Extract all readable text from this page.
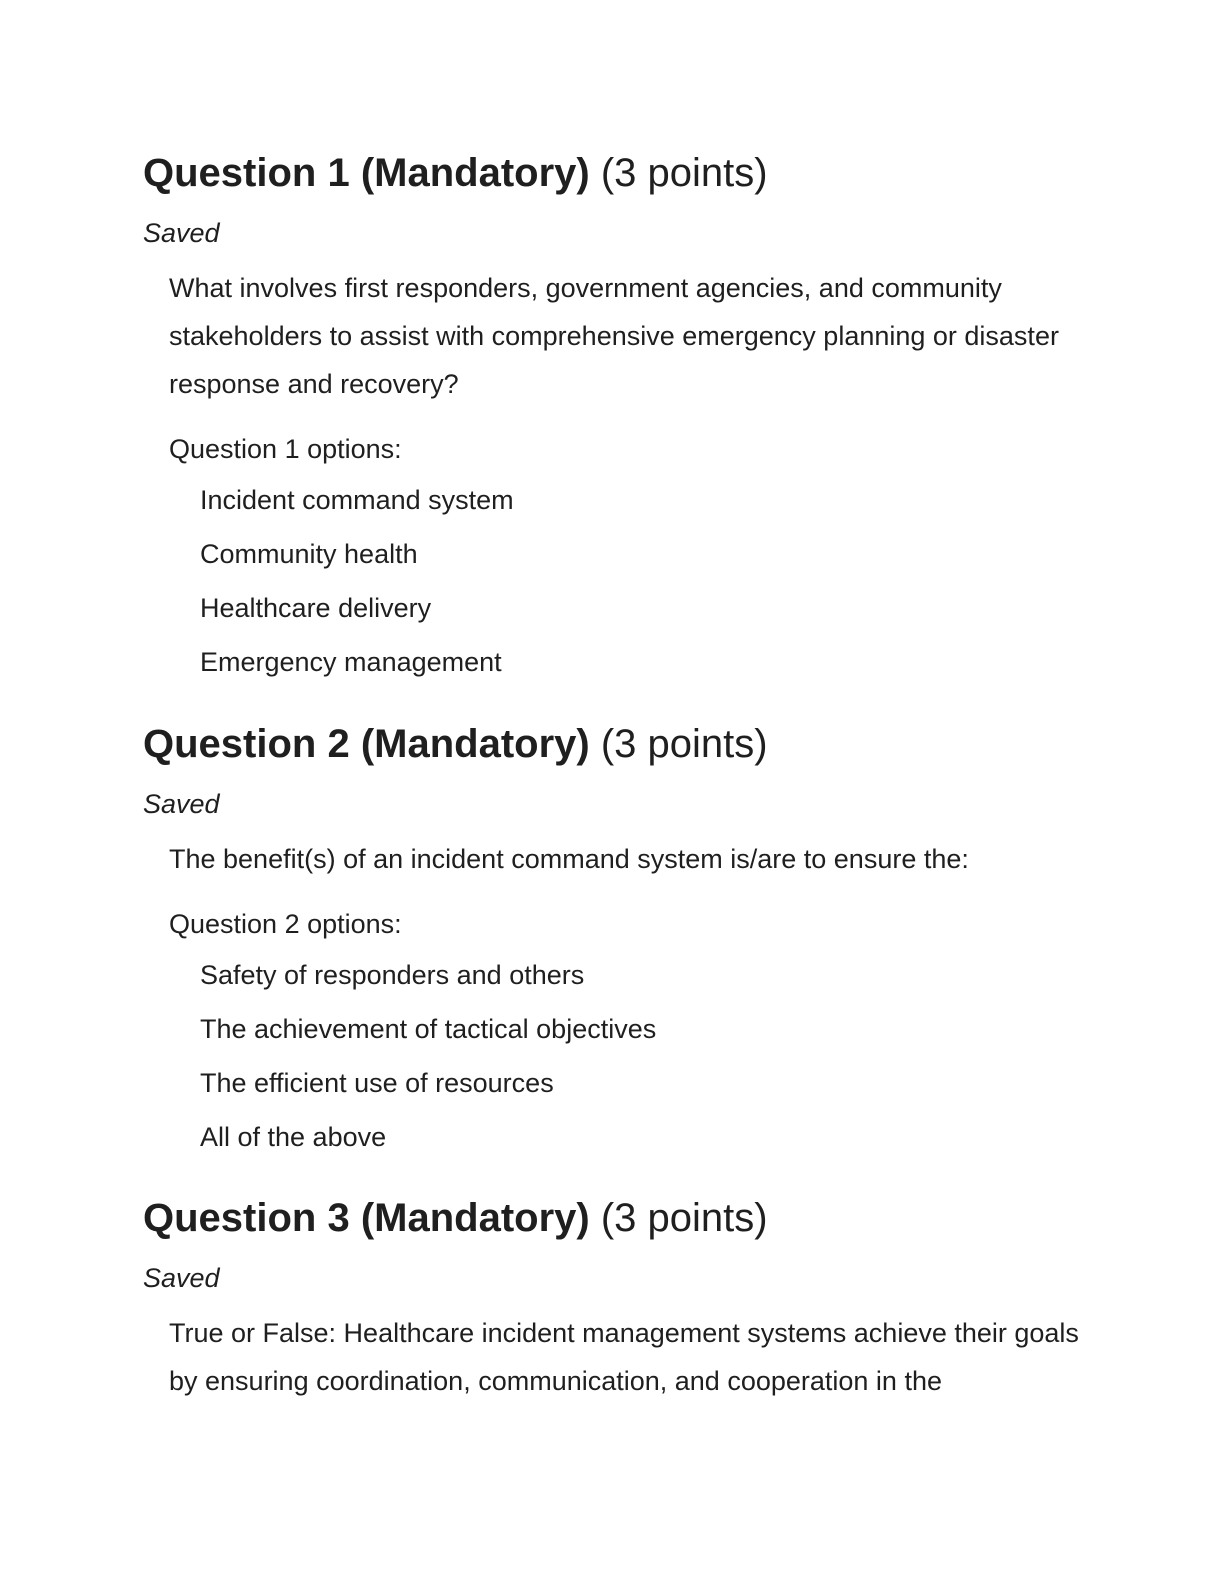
Question 1 (Mandatory) (3 points)
Saved
What involves first responders, government agencies, and community stakeholders to assist with comprehensive emergency planning or disaster response and recovery?
Question 1 options:
Incident command system
Community health
Healthcare delivery
Emergency management
Question 2 (Mandatory) (3 points)
Saved
The benefit(s) of an incident command system is/are to ensure the:
Question 2 options:
Safety of responders and others
The achievement of tactical objectives
The efficient use of resources
All of the above
Question 3 (Mandatory) (3 points)
Saved
True or False: Healthcare incident management systems achieve their goals by ensuring coordination, communication, and cooperation in the
